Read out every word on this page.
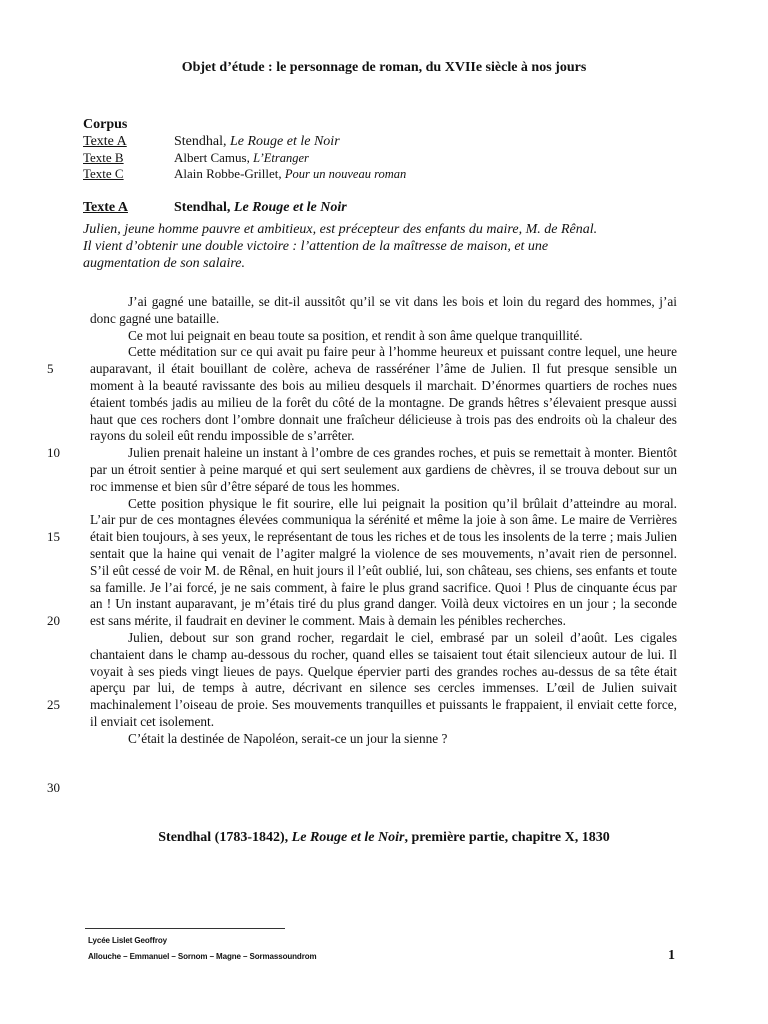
Objet d’étude : le personnage de roman, du XVIIe siècle à nos jours
Corpus
Texte A	Stendhal, Le Rouge et le Noir
Texte B	Albert Camus, L’Etranger
Texte C	Alain Robbe-Grillet, Pour un nouveau roman
Texte A	Stendhal, Le Rouge et le Noir

Julien, jeune homme pauvre et ambitieux, est précepteur des enfants du maire, M. de Rênal.

Il vient d’obtenir une double victoire : l’attention de la maîtresse de maison, et une

augmentation de son salaire.

J’ai gagné une bataille, se dit-il aussitôt qu’il se vit dans les bois et loin du regard des hommes, j’ai donc gagné une bataille.

Ce mot lui peignait en beau toute sa position, et rendit à son âme quelque tranquillité.

Cette méditation sur ce qui avait pu faire peur à l’homme heureux et puissant contre lequel, une heure auparavant, il était bouillant de colère, acheva de rasséréner l’âme de Julien. Il fut presque sensible un moment à la beauté ravissante des bois au milieu desquels il marchait. D’énormes quartiers de roches nues étaient tombés jadis au milieu de la forêt du côté de la montagne. De grands hêtres s’élevaient presque aussi haut que ces rochers dont l’ombre donnait une fraîcheur délicieuse à trois pas des endroits où la chaleur des rayons du soleil eût rendu impossible de s’arrêter.

Julien prenait haleine un instant à l’ombre de ces grandes roches, et puis se remettait à monter. Bientôt par un étroit sentier à peine marqué et qui sert seulement aux gardiens de chèvres, il se trouva debout sur un roc immense et bien sûr d’être séparé de tous les hommes.

Cette position physique le fit sourire, elle lui peignait la position qu’il brûlait d’atteindre au moral. L’air pur de ces montagnes élevées communiqua la sérénité et même la joie à son âme. Le maire de Verrières était bien toujours, à ses yeux, le représentant de tous les riches et de tous les insolents de la terre ; mais Julien sentait que la haine qui venait de l’agiter malgré la violence de ses mouvements, n’avait rien de personnel. S’il eût cessé de voir M. de Rênal, en huit jours il l’eût oublié, lui, son château, ses chiens, ses enfants et toute sa famille. Je l’ai forcé, je ne sais comment, à faire le plus grand sacrifice. Quoi ! Plus de cinquante écus par an ! Un instant auparavant, je m’étais tiré du plus grand danger. Voilà deux victoires en un jour ; la seconde est sans mérite, il faudrait en deviner le comment. Mais à demain les pénibles recherches.

Julien, debout sur son grand rocher, regardait le ciel, embrasé par un soleil d’août. Les cigales chantaient dans le champ au-dessous du rocher, quand elles se taisaient tout était silencieux autour de lui. Il voyait à ses pieds vingt lieues de pays. Quelque épervier parti des grandes roches au-dessus de sa tête était aperçu par lui, de temps à autre, décrivant en silence ses cercles immenses. L’œil de Julien suivait machinalement l’oiseau de proie. Ses mouvements tranquilles et puissants le frappaient, il enviait cette force, il enviait cet isolement.

C’était la destinée de Napoléon, serait-ce un jour la sienne ?

5
10
15
20
25
30
Stendhal (1783-1842), Le Rouge et le Noir, première partie, chapitre X, 1830
Lycée Lislet Geoffroy
Allouche – Emmanuel – Sornom – Magne – Sormassoundrom	1
